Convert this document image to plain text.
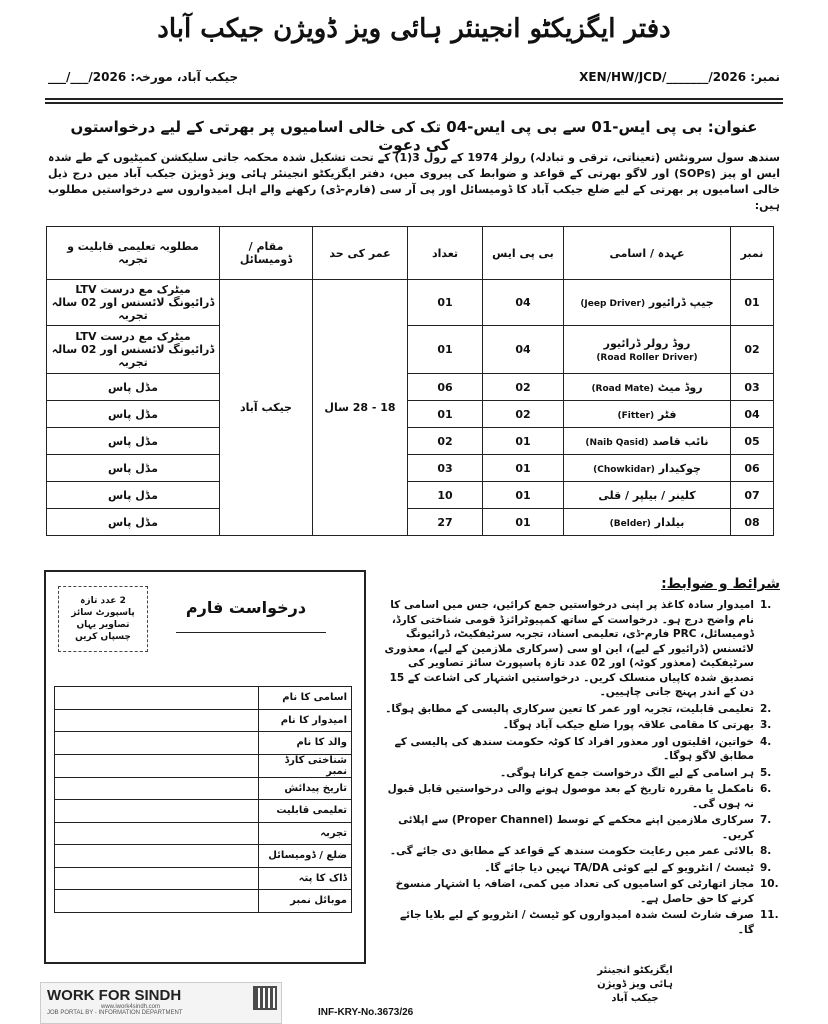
دفتر ایگزیکٹو انجینئر ہائی ویز ڈویژن جیکب آباد
نمبر: XEN/HW/JCD/_______/2026
جیکب آباد، مورخہ: ___/___/2026
عنوان: بی پی ایس-01 سے بی پی ایس-04 تک کی خالی اسامیوں پر بھرتی کے لیے درخواستوں کی دعوت
سندھ سول سرونٹس (تعیناتی، ترقی و تبادلہ) رولز 1974 کے رول 3(1) کے تحت تشکیل شدہ محکمہ جاتی سلیکشن کمیٹیوں کے طے شدہ ایس او پیز (SOPs) اور لاگو بھرتی کے قواعد و ضوابط کی پیروی میں، دفتر ایگزیکٹو انجینئر ہائی ویز ڈویژن جیکب آباد میں درج ذیل خالی اسامیوں پر بھرتی کے لیے ضلع جیکب آباد کا ڈومیسائل اور پی آر سی (فارم-ڈی) رکھنے والے اہل امیدواروں سے درخواستیں مطلوب ہیں:
نمبر	عہدہ / اسامی	بی پی ایس	تعداد	عمر کی حد	مقام / ڈومیسائل	مطلوبہ تعلیمی قابلیت و تجربہ
01	جیپ ڈرائیور (Jeep Driver)	04	01	18 - 28 سال	جیکب آباد	میٹرک مع درست LTV ڈرائیونگ لائسنس اور 02 سالہ تجربہ
02	روڈ رولر ڈرائیور
(Road Roller Driver)	04	01			میٹرک مع درست LTV ڈرائیونگ لائسنس اور 02 سالہ تجربہ
03	روڈ میٹ (Road Mate)	02	06			مڈل پاس
04	فٹر (Fitter)	02	01			مڈل پاس
05	نائب قاصد (Naib Qasid)	01	02			مڈل پاس
06	چوکیدار (Chowkidar)	01	03			مڈل پاس
07	کلینر / بیلپر / قلی	01	10			مڈل پاس
08	بیلدار (Belder)	01	27			مڈل پاس
2 عدد تازہ پاسپورٹ سائز تصاویر یہاں چسپاں کریں
درخواست فارم
اسامی کا نام	
امیدوار کا نام	
والد کا نام	
شناختی کارڈ نمبر	
تاریخ پیدائش	
تعلیمی قابلیت	
تجربہ	
ضلع / ڈومیسائل	
ڈاک کا پتہ	
موبائل نمبر	
شرائط و ضوابط:
1.
امیدوار سادہ کاغذ پر اپنی درخواستیں جمع کرائیں، جس میں اسامی کا نام واضح درج ہو۔ درخواست کے ساتھ کمپیوٹرائزڈ قومی شناختی کارڈ، ڈومیسائل، PRC فارم-ڈی، تعلیمی اسناد، تجربہ سرٹیفکیٹ، ڈرائیونگ لائسنس (ڈرائیور کے لیے)، این او سی (سرکاری ملازمین کے لیے)، معذوری سرٹیفکیٹ (معذور کوٹہ) اور 02 عدد تازہ پاسپورٹ سائز تصاویر کی تصدیق شدہ کاپیاں منسلک کریں۔ درخواستیں اشتہار کی اشاعت کے 15 دن کے اندر پہنچ جانی چاہییں۔
2.
تعلیمی قابلیت، تجربہ اور عمر کا تعین سرکاری پالیسی کے مطابق ہوگا۔
3.
بھرتی کا مقامی علاقہ پورا ضلع جیکب آباد ہوگا۔
4.
خواتین، اقلیتوں اور معذور افراد کا کوٹہ حکومت سندھ کی پالیسی کے مطابق لاگو ہوگا۔
5.
ہر اسامی کے لیے الگ درخواست جمع کرانا ہوگی۔
6.
نامکمل یا مقررہ تاریخ کے بعد موصول ہونے والی درخواستیں قابل قبول نہ ہوں گی۔
7.
سرکاری ملازمین اپنے محکمے کے توسط (Proper Channel) سے اپلائی کریں۔
8.
بالائی عمر میں رعایت حکومت سندھ کے قواعد کے مطابق دی جائے گی۔
9.
ٹیسٹ / انٹرویو کے لیے کوئی TA/DA نہیں دیا جائے گا۔
10.
مجاز اتھارٹی کو اسامیوں کی تعداد میں کمی، اضافہ یا اشتہار منسوخ کرنے کا حق حاصل ہے۔
11.
صرف شارٹ لسٹ شدہ امیدواروں کو ٹیسٹ / انٹرویو کے لیے بلایا جائے گا۔
ایگزیکٹو انجینئر
ہائی ویز ڈویژن
جیکب آباد
WORK FOR SINDH
www.iwork4sindh.com
JOB PORTAL BY - INFORMATION DEPARTMENT	INF-KRY-No.3673/26
